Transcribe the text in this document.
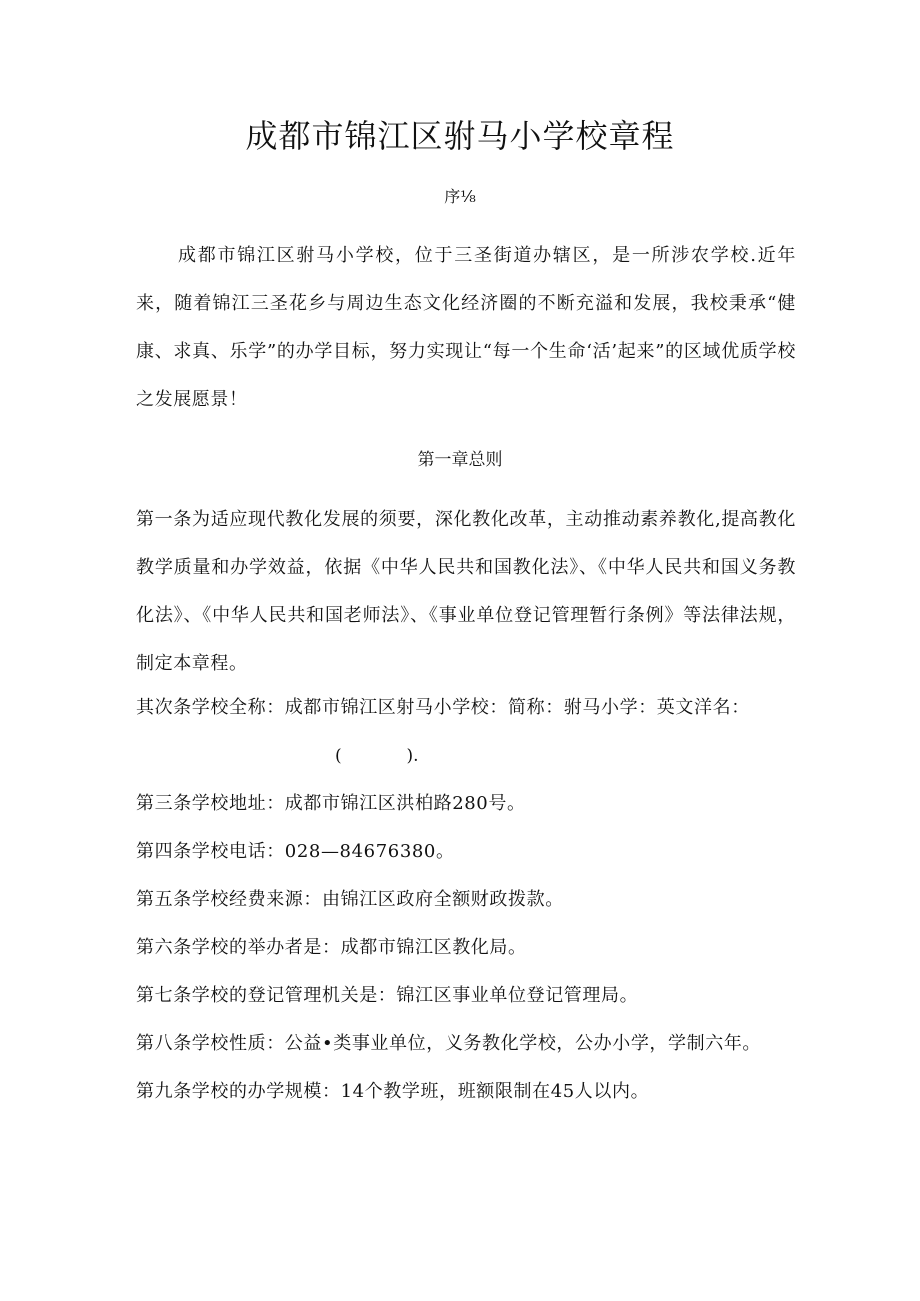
成都市锦江区驸马小学校章程
序⅛

成都市锦江区驸马小学校，位于三圣街道办辖区，是一所涉农学校.近年来，随着锦江三圣花乡与周边生态文化经济圈的不断充溢和发展，我校秉承“健康、求真、乐学”的办学目标，努力实现让“每一个生命‘活’起来”的区域优质学校之发展愿景！

第一章总则

第一条为适应现代教化发展的须要，深化教化改革，主动推动素养教化,提高教化教学质量和办学效益，依据《中华人民共和国教化法》、《中华人民共和国义务教化法》、《中华人民共和国老师法》、《事业单位登记管理暂行条例》等法律法规，制定本章程。

其次条学校全称：成都市锦江区射马小学校：简称：驸马小学：英文洋名：
(            ).
第三条学校地址：成都市锦江区洪柏路280号。
第四条学校电话：028—84676380。
第五条学校经费来源：由锦江区政府全额财政拨款。
第六条学校的举办者是：成都市锦江区教化局。
第七条学校的登记管理机关是：锦江区事业单位登记管理局。
第八条学校性质：公益•类事业单位，义务教化学校，公办小学，学制六年。
第九条学校的办学规模：14个教学班，班额限制在45人以内。
